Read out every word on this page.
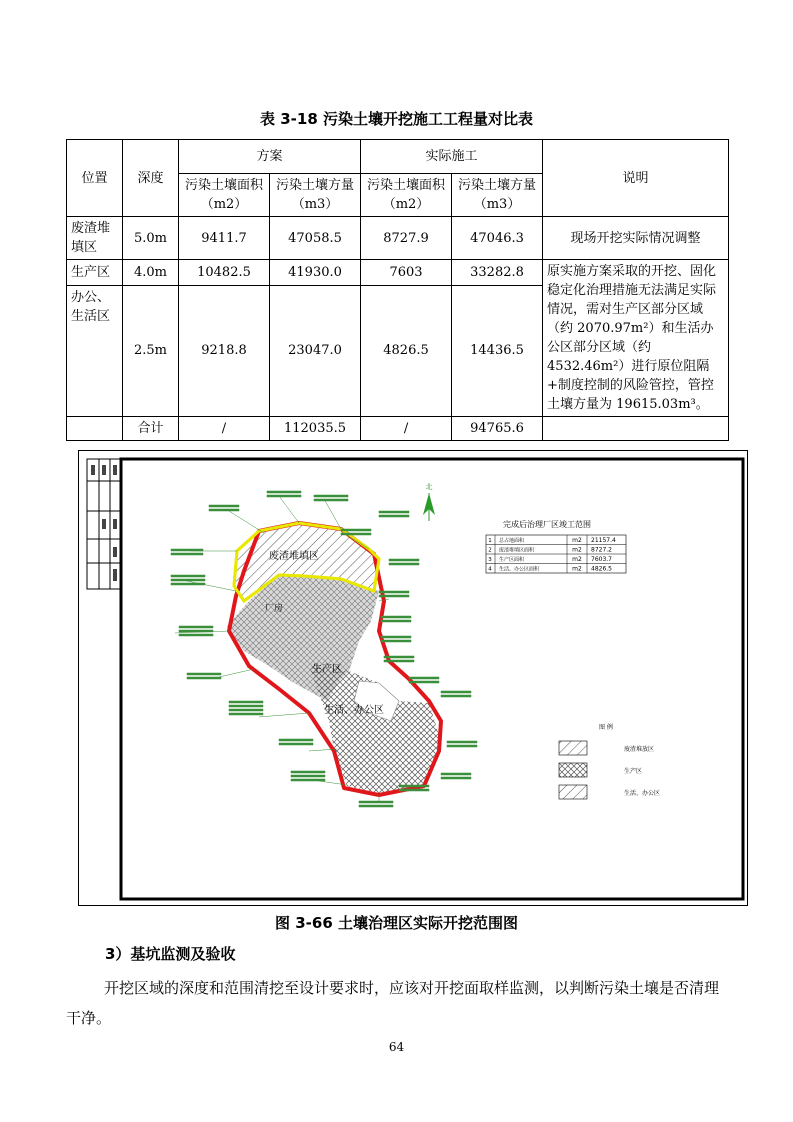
表 3-18 污染土壤开挖施工工程量对比表
位置	深度	方案		实际施工		说明
		污染土壤面积（m2）	污染土壤方量（m3）	污染土壤面积（m2）	污染土壤方量（m3）	
废渣堆填区	5.0m	9411.7	47058.5	8727.9	47046.3	现场开挖实际情况调整
生产区	4.0m	10482.5	41930.0	7603	33282.8	原实施方案采取的开挖、固化稳定化治理措施无法满足实际情况，需对生产区部分区域（约 2070.97m²）和生活办公区部分区域（约 4532.46m²）进行原位阻隔+制度控制的风险管控，管控土壤方量为 19615.03m³。
办公、生活区	2.5m	9218.8	23047.0	4826.5	14436.5	
	合计	/	112035.5	/	94765.6	
北
废渣堆填区
厂房
生产区
生活、办公区
完成后治理厂区竣工范围
1 总占地面积	m2 21157.4
2 废渣堆填区面积	m2 8727.2
3 生产区面积	m2 7603.7
4 生活、办公区面积	m2 4826.5
图 例
废渣堆放区
生产区
生活、办公区
图 3-66 土壤治理区实际开挖范围图
3）基坑监测及验收
开挖区域的深度和范围清挖至设计要求时，应该对开挖面取样监测，以判断污染土壤是否清理干净。
64
